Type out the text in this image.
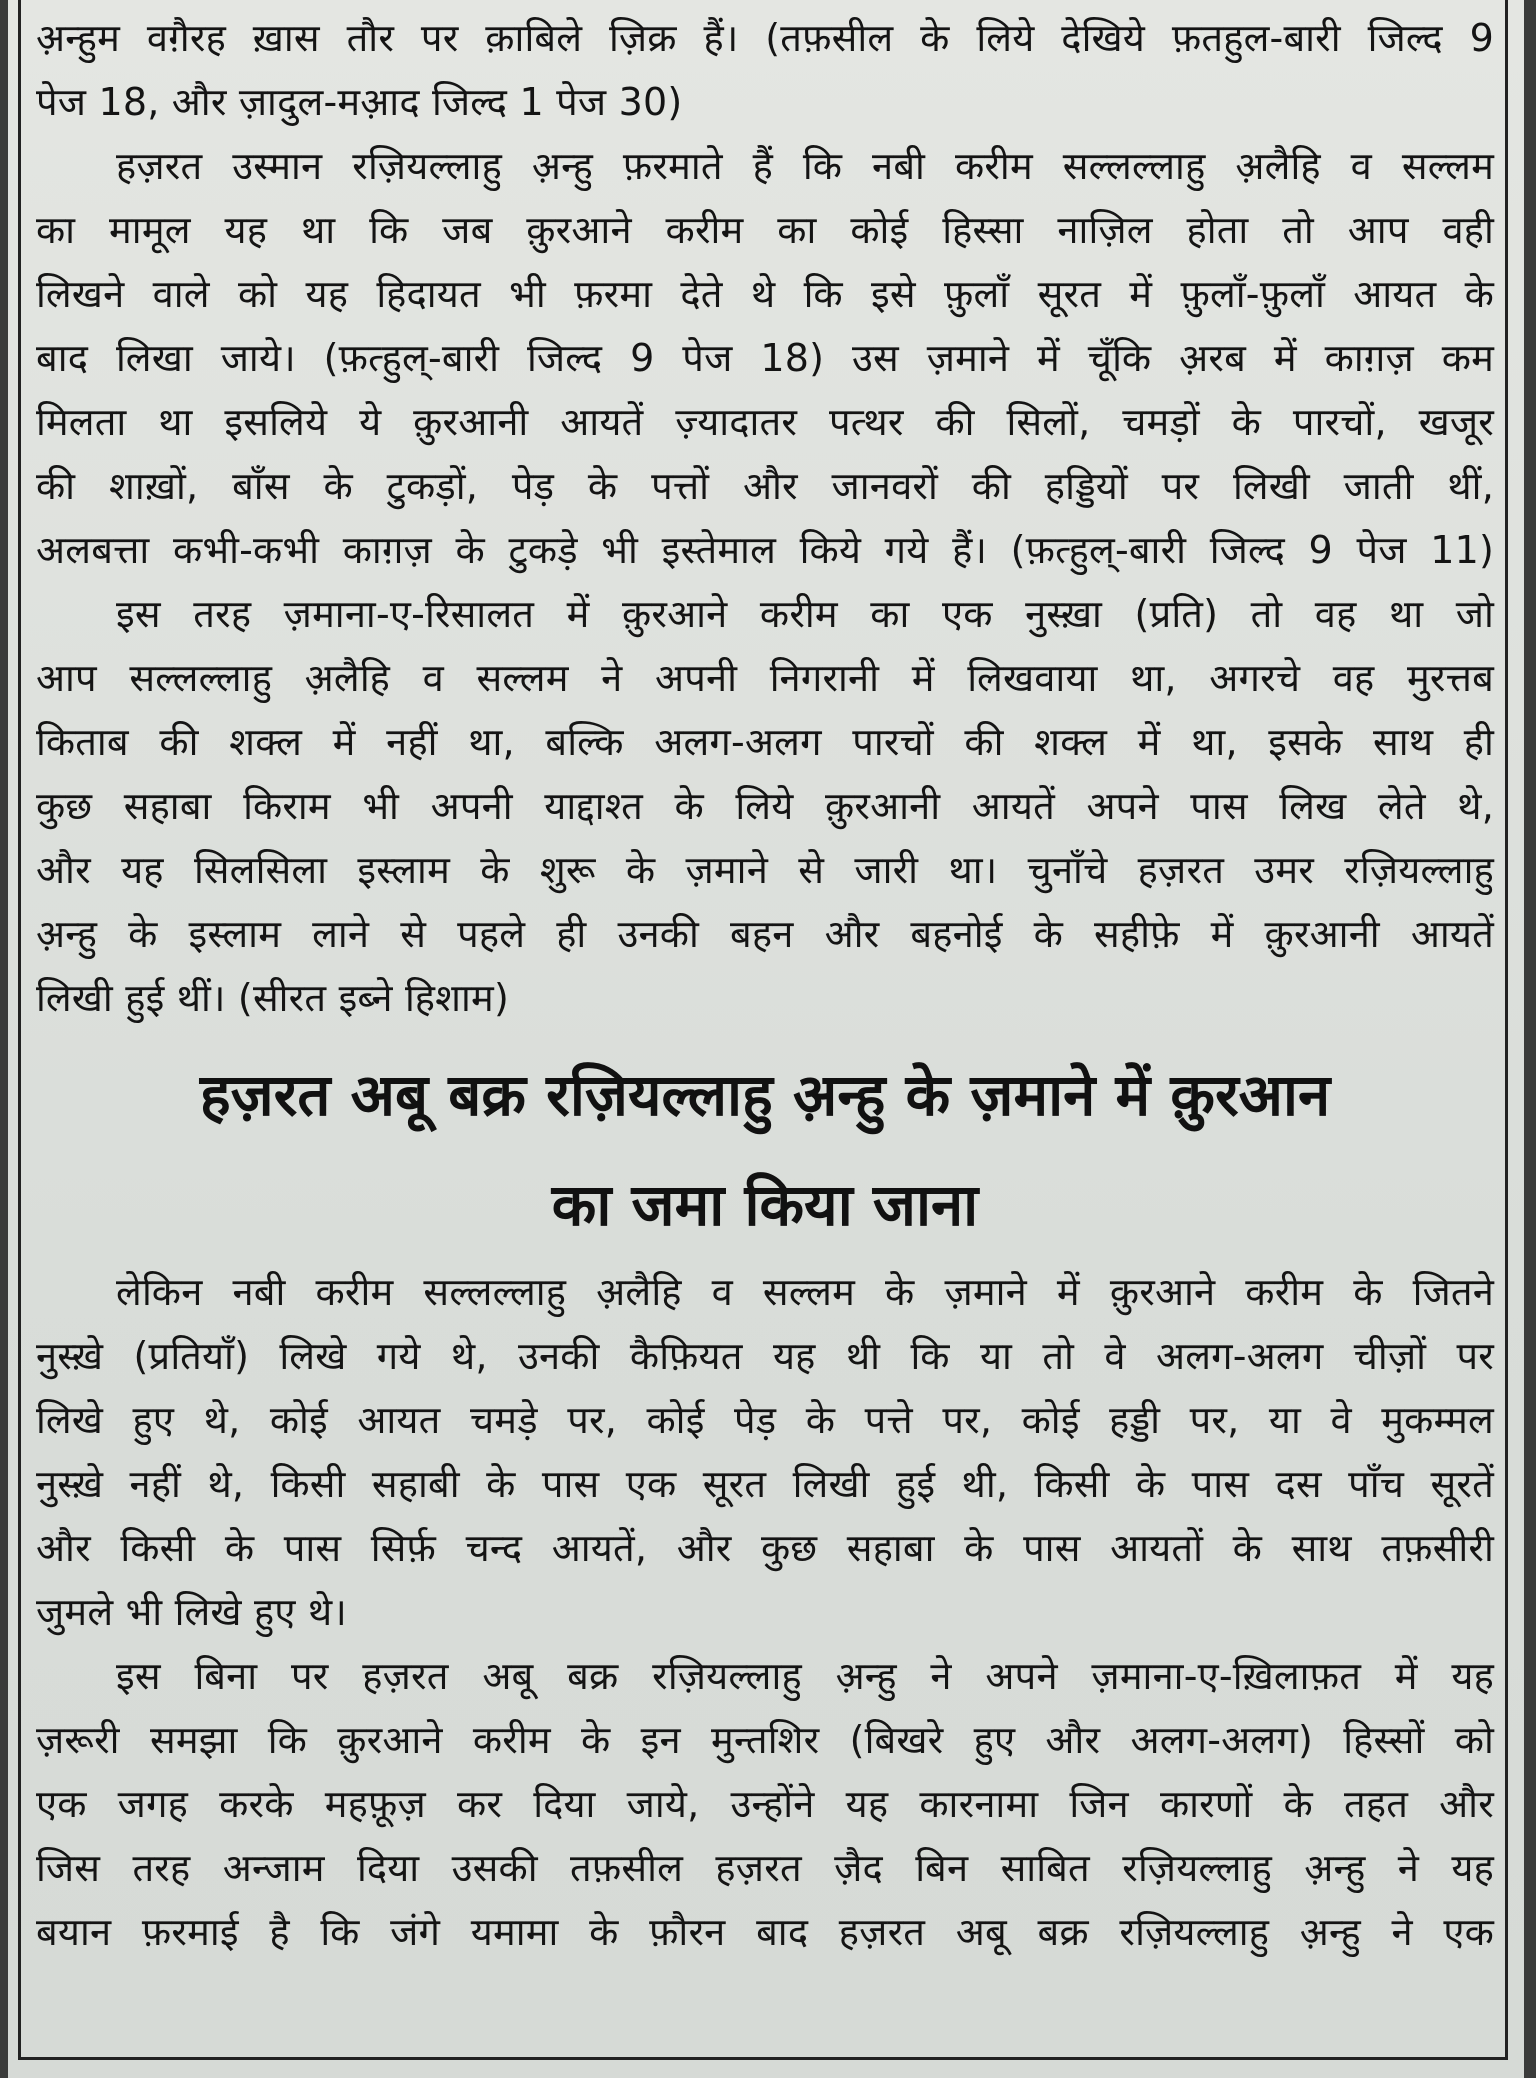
अ़न्हुम वग़ैरह ख़ास तौर पर क़ाबिले ज़िक्र हैं। (तफ़सील के लिये देखिये फ़तहुल-बारी जिल्द 9
पेज 18, और ज़ादुल-मआ़द जिल्द 1 पेज 30)
हज़रत उस्मान रज़ियल्लाहु अ़न्हु फ़रमाते हैं कि नबी करीम सल्लल्लाहु अ़लैहि व सल्लम
का मामूल यह था कि जब क़ुरआने करीम का कोई हिस्सा नाज़िल होता तो आप वही
लिखने वाले को यह हिदायत भी फ़रमा देते थे कि इसे फ़ुलाँ सूरत में फ़ुलाँ-फ़ुलाँ आयत के
बाद लिखा जाये। (फ़त्हुल्-बारी जिल्द 9 पेज 18) उस ज़माने में चूँकि अ़रब में काग़ज़ कम
मिलता था इसलिये ये क़ुरआनी आयतें ज़्यादातर पत्थर की सिलों, चमड़ों के पारचों, खजूर
की शाख़ों, बाँस के टुकड़ों, पेड़ के पत्तों और जानवरों की हड्डियों पर लिखी जाती थीं,
अलबत्ता कभी-कभी काग़ज़ के टुकड़े भी इस्तेमाल किये गये हैं। (फ़त्हुल्-बारी जिल्द 9 पेज 11)
इस तरह ज़माना-ए-रिसालत में क़ुरआने करीम का एक नुस्ख़ा (प्रति) तो वह था जो
आप सल्लल्लाहु अ़लैहि व सल्लम ने अपनी निगरानी में लिखवाया था, अगरचे वह मुरत्तब
किताब की शक्ल में नहीं था, बल्कि अलग-अलग पारचों की शक्ल में था, इसके साथ ही
कुछ सहाबा किराम भी अपनी याद्दाश्त के लिये क़ुरआनी आयतें अपने पास लिख लेते थे,
और यह सिलसिला इस्लाम के शुरू के ज़माने से जारी था। चुनाँचे हज़रत उमर रज़ियल्लाहु
अ़न्हु के इस्लाम लाने से पहले ही उनकी बहन और बहनोई के सहीफ़े में क़ुरआनी आयतें
लिखी हुई थीं। (सीरत इब्ने हिशाम)
हज़रत अबू बक्र रज़ियल्लाहु अ़न्हु के ज़माने में क़ुरआन
का जमा किया जाना
लेकिन नबी करीम सल्लल्लाहु अ़लैहि व सल्लम के ज़माने में क़ुरआने करीम के जितने
नुस्ख़े (प्रतियाँ) लिखे गये थे, उनकी कैफ़ियत यह थी कि या तो वे अलग-अलग चीज़ों पर
लिखे हुए थे, कोई आयत चमड़े पर, कोई पेड़ के पत्ते पर, कोई हड्डी पर, या वे मुकम्मल
नुस्ख़े नहीं थे, किसी सहाबी के पास एक सूरत लिखी हुई थी, किसी के पास दस पाँच सूरतें
और किसी के पास सिर्फ़ चन्द आयतें, और कुछ सहाबा के पास आयतों के साथ तफ़सीरी
जुमले भी लिखे हुए थे।
इस बिना पर हज़रत अबू बक्र रज़ियल्लाहु अ़न्हु ने अपने ज़माना-ए-ख़िलाफ़त में यह
ज़रूरी समझा कि क़ुरआने करीम के इन मुन्तशिर (बिखरे हुए और अलग-अलग) हिस्सों को
एक जगह करके महफ़ूज़ कर दिया जाये, उन्होंने यह कारनामा जिन कारणों के तहत और
जिस तरह अन्जाम दिया उसकी तफ़सील हज़रत ज़ैद बिन साबित रज़ियल्लाहु अ़न्हु ने यह
बयान फ़रमाई है कि जंगे यमामा के फ़ौरन बाद हज़रत अबू बक्र रज़ियल्लाहु अ़न्हु ने एक
